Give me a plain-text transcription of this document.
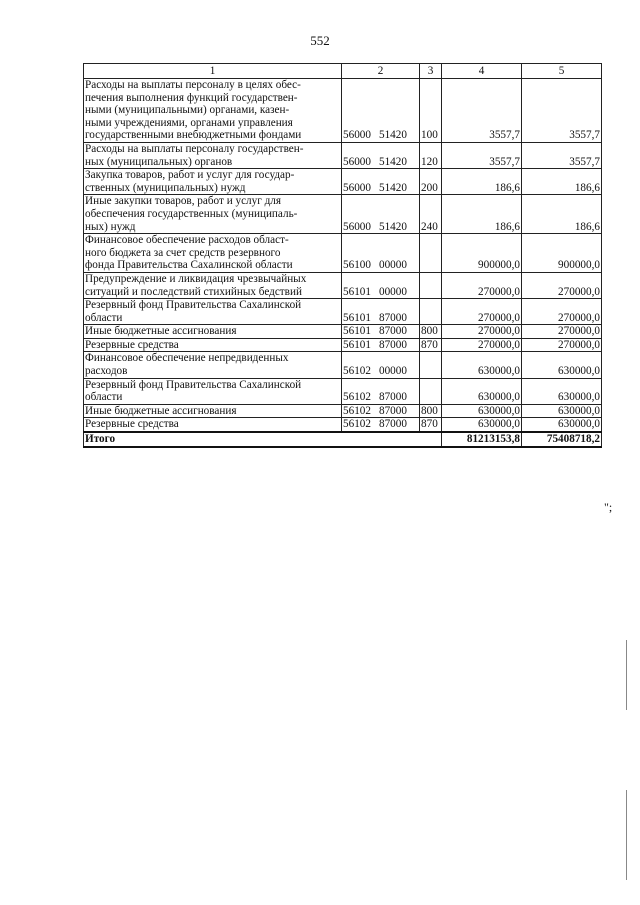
552
1	2	3	4	5

Расходы на выплаты персоналу в целях обес-
печения выполнения функций государствен-
ными (муниципальными) органами, казен-
ными учреждениями, органами управления
государственными внебюджетными фондами	56000 51420	100	3557,7	3557,7

Расходы на выплаты персоналу государствен-
ных (муниципальных) органов	56000 51420	120	3557,7	3557,7

Закупка товаров, работ и услуг для государ-
ственных (муниципальных) нужд	56000 51420	200	186,6	186,6

Иные закупки товаров, работ и услуг для
обеспечения государственных (муниципаль-
ных) нужд	56000 51420	240	186,6	186,6

Финансовое обеспечение расходов област-
ного бюджета за счет средств резервного
фонда Правительства Сахалинской области	56100 00000		900000,0	900000,0

Предупреждение и ликвидация чрезвычайных
ситуаций и последствий стихийных бедствий	56101 00000		270000,0	270000,0

Резервный фонд Правительства Сахалинской
области	56101 87000		270000,0	270000,0

Иные бюджетные ассигнования	56101 87000	800	270000,0	270000,0

Резервные средства	56101 87000	870	270000,0	270000,0

Финансовое обеспечение непредвиденных
расходов	56102 00000		630000,0	630000,0

Резервный фонд Правительства Сахалинской
области	56102 87000		630000,0	630000,0

Иные бюджетные ассигнования	56102 87000	800	630000,0	630000,0

Резервные средства	56102 87000	870	630000,0	630000,0
Итого			81213153,8	75408718,2
";
